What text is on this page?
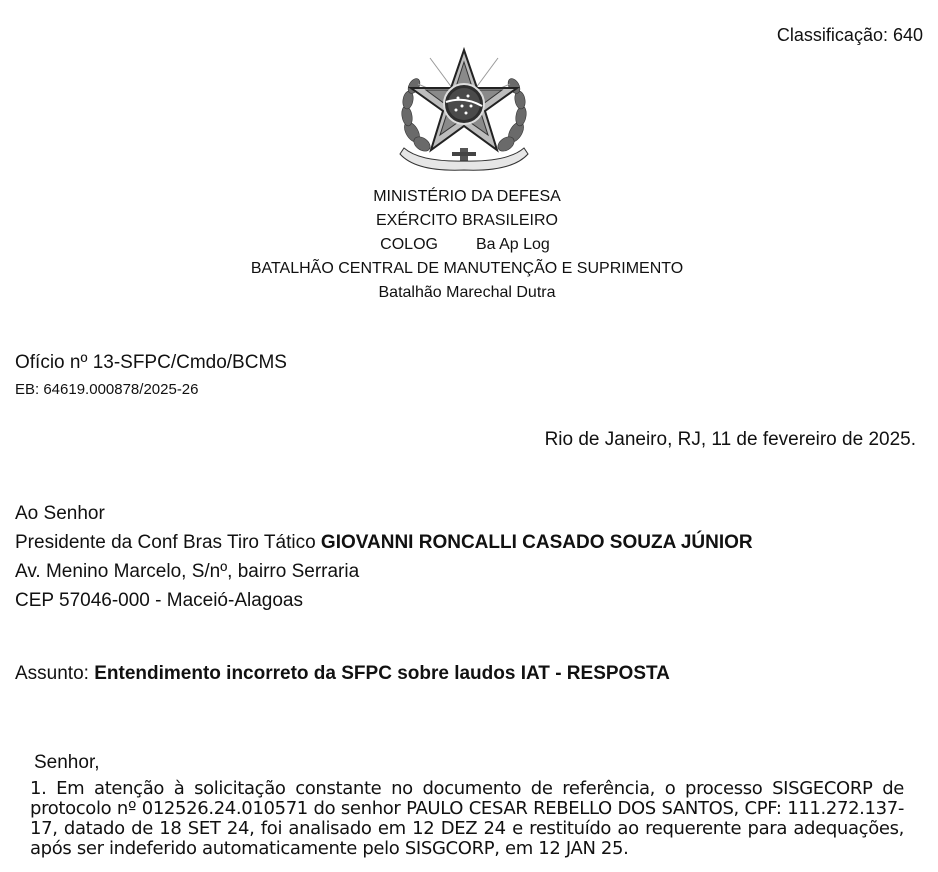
Classificação: 640
MINISTÉRIO DA DEFESA
EXÉRCITO BRASILEIRO
COLOG Ba Ap Log
BATALHÃO CENTRAL DE MANUTENÇÃO E SUPRIMENTO
Batalhão Marechal Dutra
Ofício nº 13-SFPC/Cmdo/BCMS
EB: 64619.000878/2025-26
Rio de Janeiro, RJ, 11 de fevereiro de 2025.
Ao Senhor
Presidente da Conf Bras Tiro Tático GIOVANNI RONCALLI CASADO SOUZA JÚNIOR
Av. Menino Marcelo, S/nº, bairro Serraria
CEP 57046-000 - Maceió-Alagoas
Assunto: Entendimento incorreto da SFPC sobre laudos IAT - RESPOSTA
Senhor,
1. Em atenção à solicitação constante no documento de referência, o processo SISGECORP de protocolo nº 012526.24.010571 do senhor PAULO CESAR REBELLO DOS SANTOS, CPF: 111.272.137-17, datado de 18 SET 24, foi analisado em 12 DEZ 24 e restituído ao requerente para adequações, após ser indeferido automaticamente pelo SISGCORP, em 12 JAN 25.
